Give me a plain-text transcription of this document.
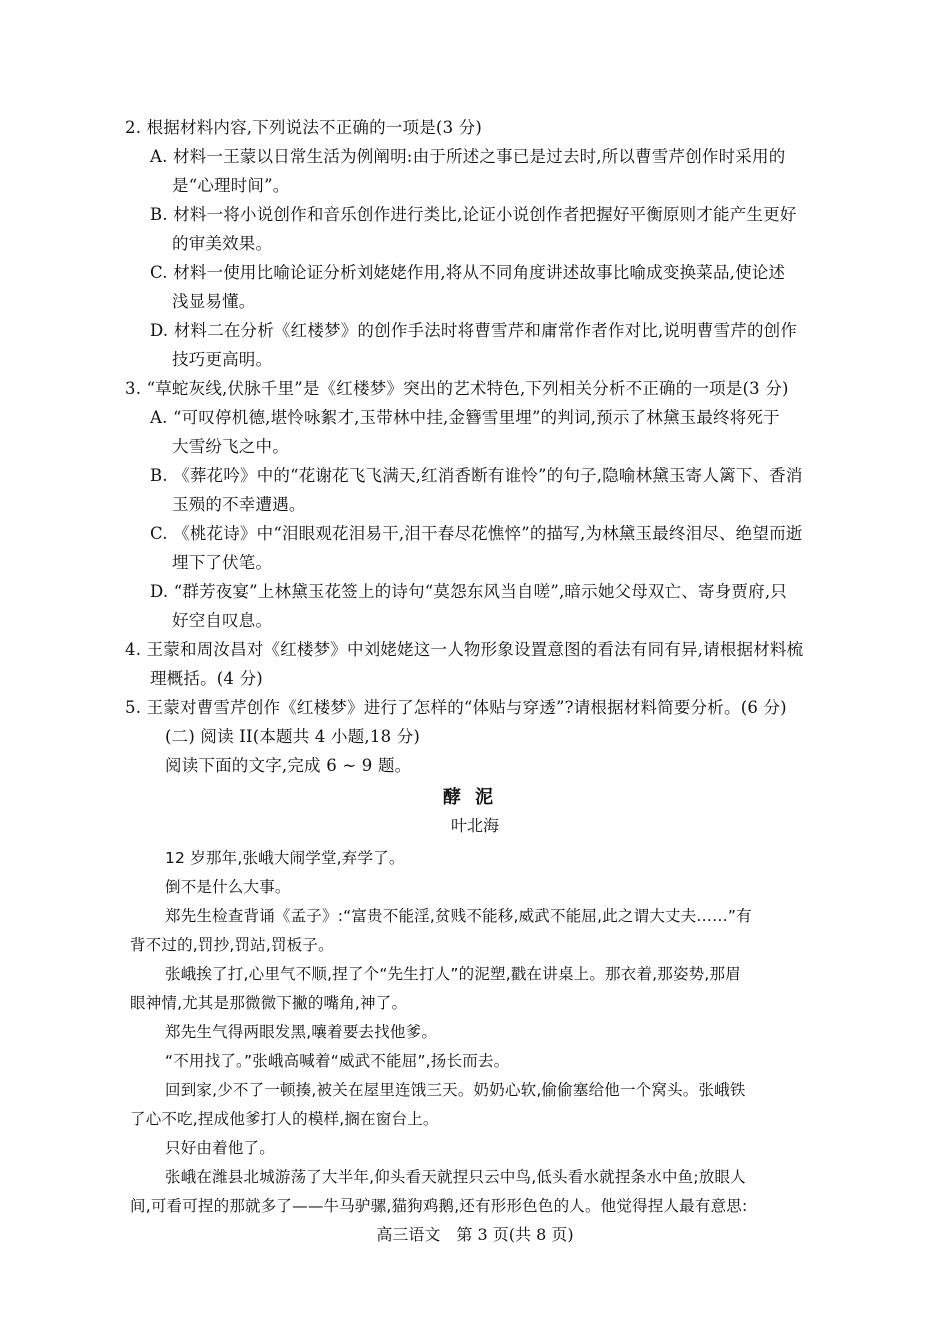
2. 根据材料内容,下列说法不正确的一项是(3 分)
A. 材料一王蒙以日常生活为例阐明:由于所述之事已是过去时,所以曹雪芹创作时采用的
是“心理时间”。
B. 材料一将小说创作和音乐创作进行类比,论证小说创作者把握好平衡原则才能产生更好
的审美效果。
C. 材料一使用比喻论证分析刘姥姥作用,将从不同角度讲述故事比喻成变换菜品,使论述
浅显易懂。
D. 材料二在分析《红楼梦》的创作手法时将曹雪芹和庸常作者作对比,说明曹雪芹的创作
技巧更高明。
3. “草蛇灰线,伏脉千里”是《红楼梦》突出的艺术特色,下列相关分析不正确的一项是(3 分)
A. “可叹停机德,堪怜咏絮才,玉带林中挂,金簪雪里埋”的判词,预示了林黛玉最终将死于
大雪纷飞之中。
B. 《葬花吟》中的“花谢花飞飞满天,红消香断有谁怜”的句子,隐喻林黛玉寄人篱下、香消
玉殒的不幸遭遇。
C. 《桃花诗》中“泪眼观花泪易干,泪干春尽花憔悴”的描写,为林黛玉最终泪尽、绝望而逝
埋下了伏笔。
D. “群芳夜宴”上林黛玉花签上的诗句“莫怨东风当自嗟”,暗示她父母双亡、寄身贾府,只
好空自叹息。
4. 王蒙和周汝昌对《红楼梦》中刘姥姥这一人物形象设置意图的看法有同有异,请根据材料梳
理概括。(4 分)
5. 王蒙对曹雪芹创作《红楼梦》进行了怎样的“体贴与穿透”?请根据材料简要分析。(6 分)
(二) 阅读 II(本题共 4 小题,18 分)
阅读下面的文字,完成 6 ~ 9 题。
酵泥
叶北海
12 岁那年,张峨大闹学堂,弃学了。
倒不是什么大事。
郑先生检查背诵《孟子》:“富贵不能淫,贫贱不能移,威武不能屈,此之谓大丈夫……”有
背不过的,罚抄,罚站,罚板子。
张峨挨了打,心里气不顺,捏了个“先生打人”的泥塑,戳在讲桌上。那衣着,那姿势,那眉
眼神情,尤其是那微微下撇的嘴角,神了。
郑先生气得两眼发黑,嚷着要去找他爹。
“不用找了。”张峨高喊着“威武不能屈”,扬长而去。
回到家,少不了一顿揍,被关在屋里连饿三天。奶奶心软,偷偷塞给他一个窝头。张峨铁
了心不吃,捏成他爹打人的模样,搁在窗台上。
只好由着他了。
张峨在潍县北城游荡了大半年,仰头看天就捏只云中鸟,低头看水就捏条水中鱼;放眼人
间,可看可捏的那就多了——牛马驴骡,猫狗鸡鹅,还有形形色色的人。他觉得捏人最有意思:
高三语文　第 3 页(共 8 页)
